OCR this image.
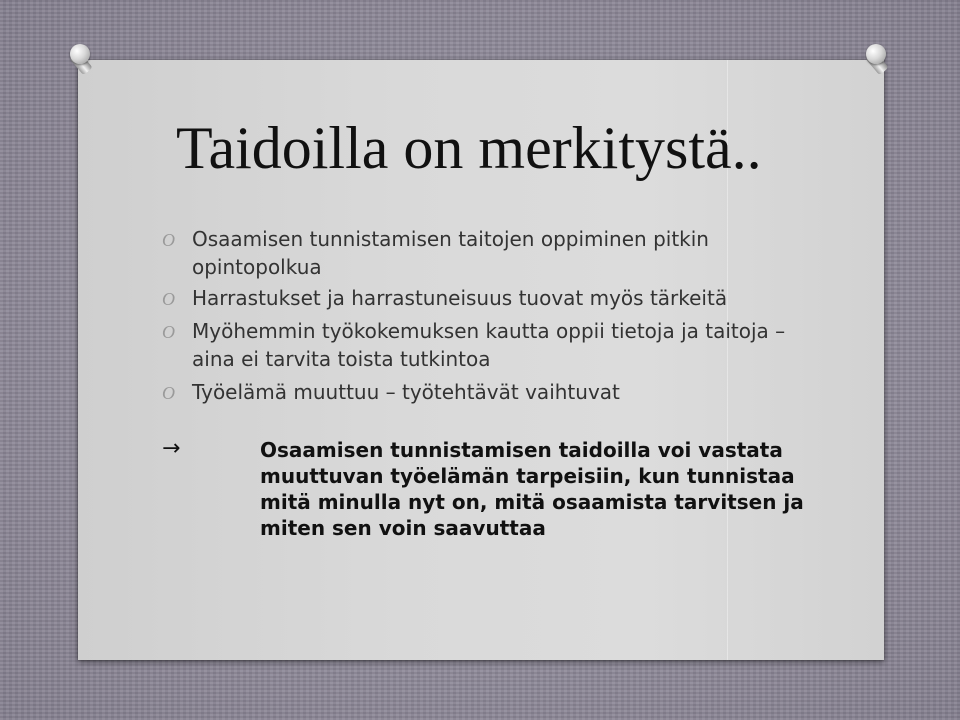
Taidoilla on merkitystä..
O Osaamisen tunnistamisen taitojen oppiminen pitkin opintopolkua
O Harrastukset ja harrastuneisuus tuovat myös tärkeitä
O Myöhemmin työkokemuksen kautta oppii tietoja ja taitoja – aina ei tarvita toista tutkintoa
O Työelämä muuttuu – työtehtävät vaihtuvat
→	Osaamisen tunnistamisen taidoilla voi vastata muuttuvan työelämän tarpeisiin, kun tunnistaa mitä minulla nyt on, mitä osaamista tarvitsen ja miten sen voin saavuttaa
